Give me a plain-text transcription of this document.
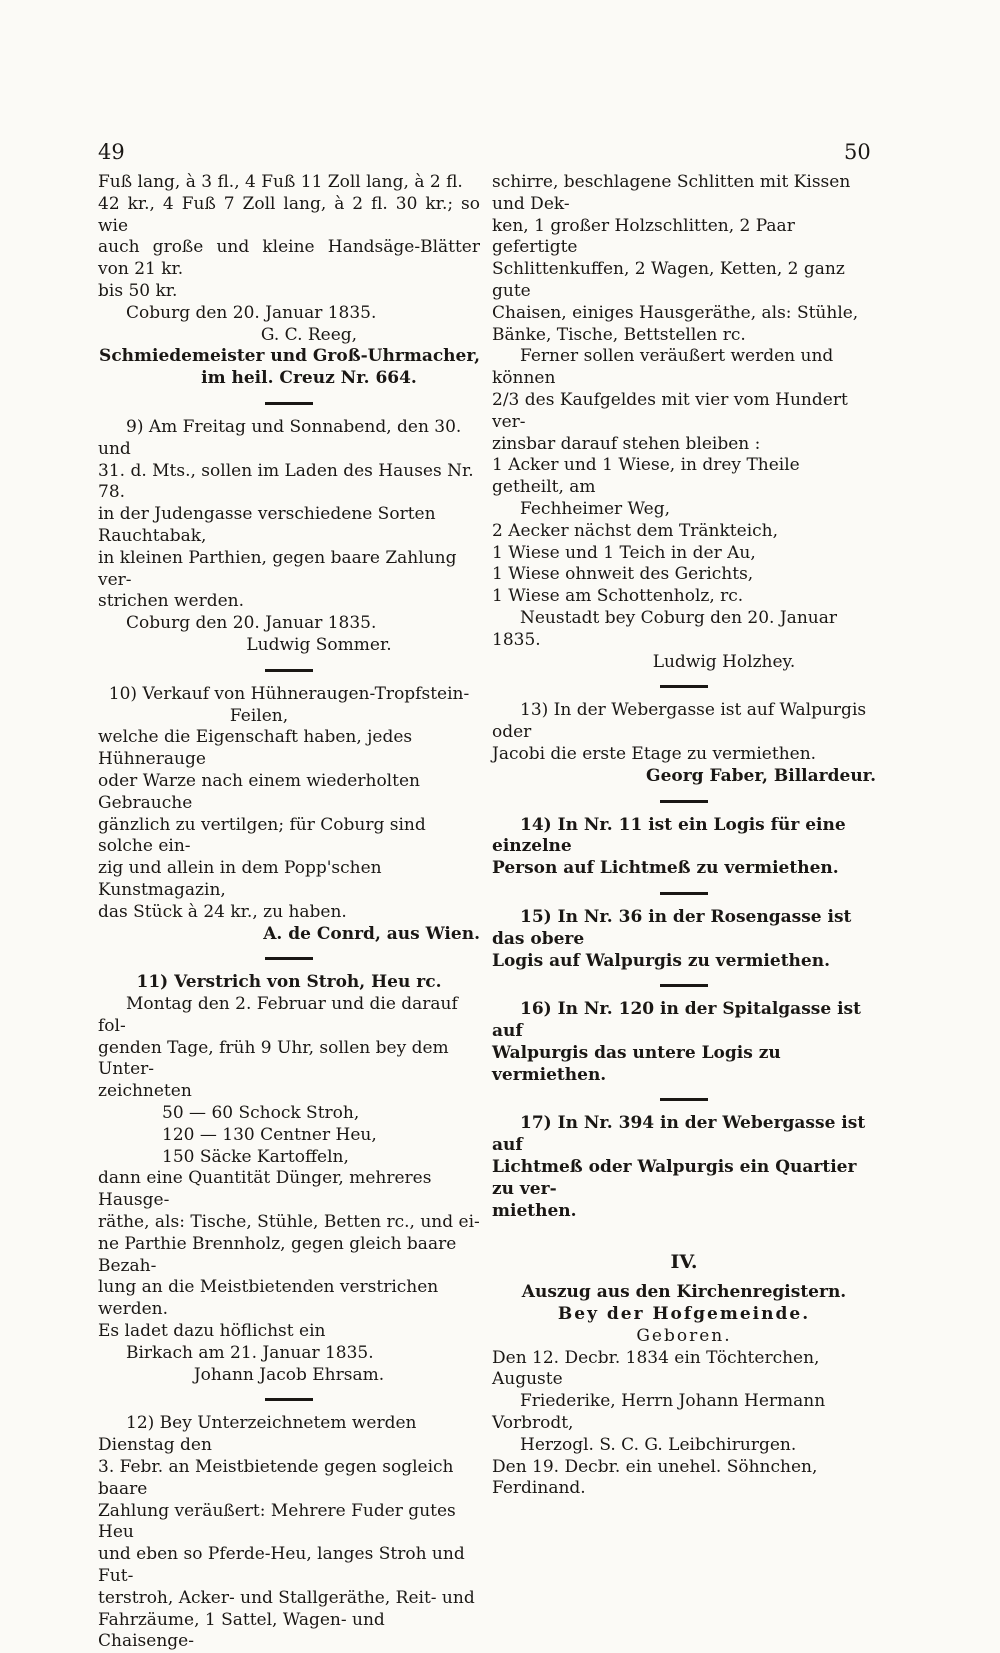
49	50

Fuß lang, à 3 fl., 4 Fuß 11 Zoll lang, à 2 fl.

42 kr., 4 Fuß 7 Zoll lang, à 2 fl. 30 kr.; so wie

auch große und kleine Handsäge-Blätter von 21 kr.

bis 50 kr.

Coburg den 20. Januar 1835.

G. C. Reeg,

Schmiedemeister und Groß-Uhrmacher,

im heil. Creuz Nr. 664.

9) Am Freitag und Sonnabend, den 30. und

31. d. Mts., sollen im Laden des Hauses Nr. 78.

in der Judengasse verschiedene Sorten Rauchtabak,

in kleinen Parthien, gegen baare Zahlung ver-

strichen werden.

Coburg den 20. Januar 1835.

Ludwig Sommer.

10) Verkauf von Hühneraugen-Tropfstein-

Feilen,

welche die Eigenschaft haben, jedes Hühnerauge

oder Warze nach einem wiederholten Gebrauche

gänzlich zu vertilgen; für Coburg sind solche ein-

zig und allein in dem Popp'schen Kunstmagazin,

das Stück à 24 kr., zu haben.

A. de Conrd, aus Wien.

11) Verstrich von Stroh, Heu rc.

Montag den 2. Februar und die darauf fol-

genden Tage, früh 9 Uhr, sollen bey dem Unter-

zeichneten

50 — 60 Schock Stroh,

120 — 130 Centner Heu,

150 Säcke Kartoffeln,

dann eine Quantität Dünger, mehreres Hausge-

räthe, als: Tische, Stühle, Betten rc., und ei-

ne Parthie Brennholz, gegen gleich baare Bezah-

lung an die Meistbietenden verstrichen werden.

Es ladet dazu höflichst ein

Birkach am 21. Januar 1835.

Johann Jacob Ehrsam.

12) Bey Unterzeichnetem werden Dienstag den

3. Febr. an Meistbietende gegen sogleich baare

Zahlung veräußert: Mehrere Fuder gutes Heu

und eben so Pferde-Heu, langes Stroh und Fut-

terstroh, Acker- und Stallgeräthe, Reit- und

Fahrzäume, 1 Sattel, Wagen- und Chaisenge-

schirre, beschlagene Schlitten mit Kissen und Dek-

ken, 1 großer Holzschlitten, 2 Paar gefertigte

Schlittenkuffen, 2 Wagen, Ketten, 2 ganz gute

Chaisen, einiges Hausgeräthe, als: Stühle,

Bänke, Tische, Bettstellen rc.

Ferner sollen veräußert werden und können

2/3 des Kaufgeldes mit vier vom Hundert ver-

zinsbar darauf stehen bleiben :

1 Acker und 1 Wiese, in drey Theile getheilt, am

Fechheimer Weg,

2 Aecker nächst dem Tränkteich,

1 Wiese und 1 Teich in der Au,

1 Wiese ohnweit des Gerichts,

1 Wiese am Schottenholz, rc.

Neustadt bey Coburg den 20. Januar 1835.

Ludwig Holzhey.

13) In der Webergasse ist auf Walpurgis oder

Jacobi die erste Etage zu vermiethen.

Georg Faber, Billardeur.

14) In Nr. 11 ist ein Logis für eine einzelne

Person auf Lichtmeß zu vermiethen.

15) In Nr. 36 in der Rosengasse ist das obere

Logis auf Walpurgis zu vermiethen.

16) In Nr. 120 in der Spitalgasse ist auf

Walpurgis das untere Logis zu vermiethen.

17) In Nr. 394 in der Webergasse ist auf

Lichtmeß oder Walpurgis ein Quartier zu ver-

miethen.

IV.

Auszug aus den Kirchenregistern.

Bey der Hofgemeinde.

Geboren.

Den 12. Decbr. 1834 ein Töchterchen, Auguste

Friederike, Herrn Johann Hermann Vorbrodt,

Herzogl. S. C. G. Leibchirurgen.

Den 19. Decbr. ein unehel. Söhnchen, Ferdinand.
